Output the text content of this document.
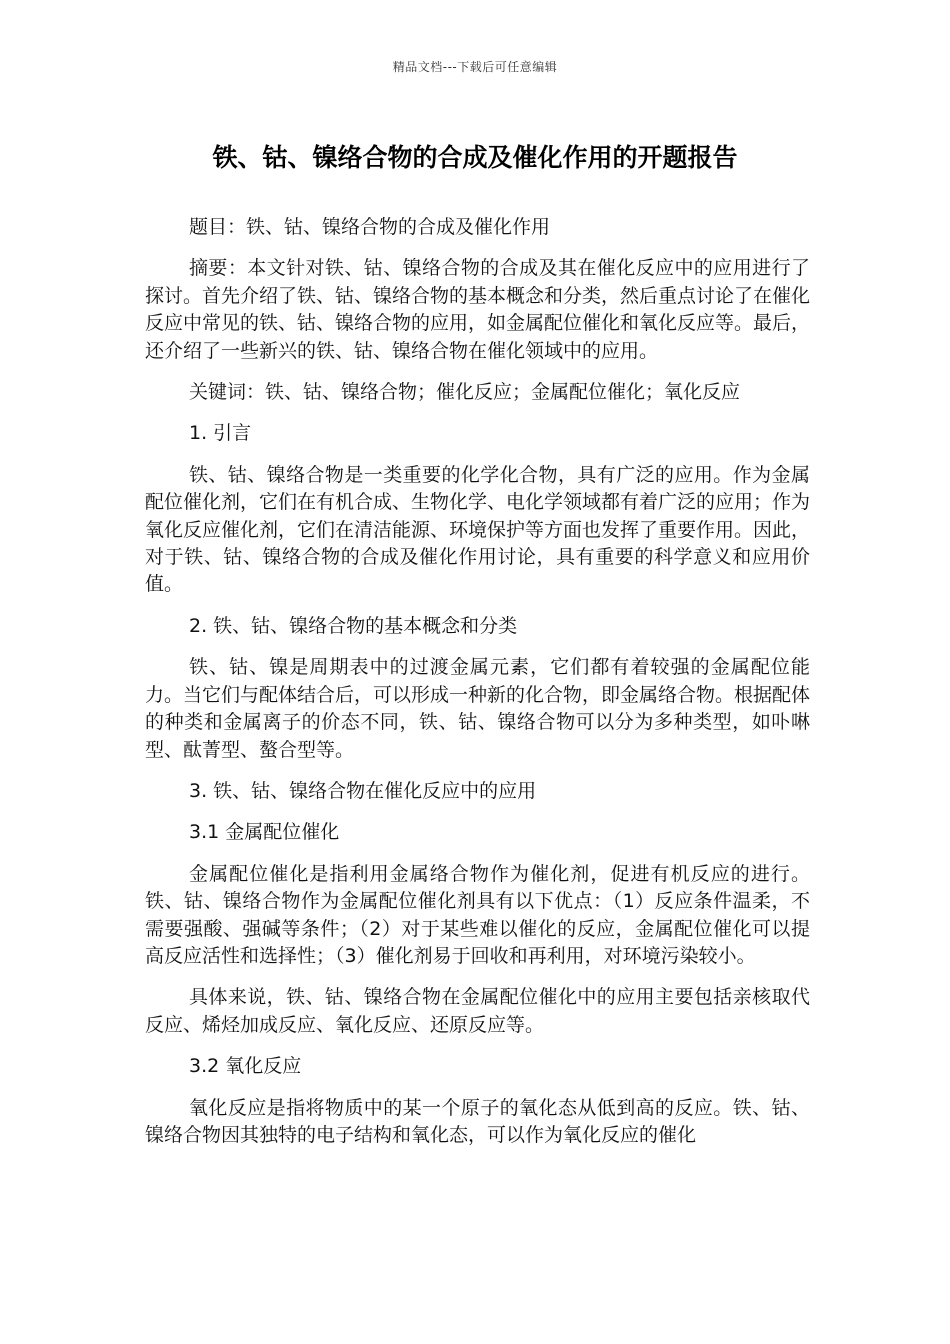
精品文档---下载后可任意编辑
铁、钴、镍络合物的合成及催化作用的开题报告

题目：铁、钴、镍络合物的合成及催化作用

摘要：本文针对铁、钴、镍络合物的合成及其在催化反应中的应用进行了探讨。首先介绍了铁、钴、镍络合物的基本概念和分类，然后重点讨论了在催化反应中常见的铁、钴、镍络合物的应用，如金属配位催化和氧化反应等。最后，还介绍了一些新兴的铁、钴、镍络合物在催化领域中的应用。

关键词：铁、钴、镍络合物；催化反应；金属配位催化；氧化反应

1. 引言

铁、钴、镍络合物是一类重要的化学化合物，具有广泛的应用。作为金属配位催化剂，它们在有机合成、生物化学、电化学领域都有着广泛的应用；作为氧化反应催化剂，它们在清洁能源、环境保护等方面也发挥了重要作用。因此，对于铁、钴、镍络合物的合成及催化作用讨论，具有重要的科学意义和应用价值。

2. 铁、钴、镍络合物的基本概念和分类

铁、钴、镍是周期表中的过渡金属元素，它们都有着较强的金属配位能力。当它们与配体结合后，可以形成一种新的化合物，即金属络合物。根据配体的种类和金属离子的价态不同，铁、钴、镍络合物可以分为多种类型，如卟啉型、酞菁型、螯合型等。

3. 铁、钴、镍络合物在催化反应中的应用

3.1 金属配位催化

金属配位催化是指利用金属络合物作为催化剂，促进有机反应的进行。铁、钴、镍络合物作为金属配位催化剂具有以下优点：（1）反应条件温柔，不需要强酸、强碱等条件；（2）对于某些难以催化的反应，金属配位催化可以提高反应活性和选择性；（3）催化剂易于回收和再利用，对环境污染较小。

具体来说，铁、钴、镍络合物在金属配位催化中的应用主要包括亲核取代反应、烯烃加成反应、氧化反应、还原反应等。

3.2 氧化反应

氧化反应是指将物质中的某一个原子的氧化态从低到高的反应。铁、钴、镍络合物因其独特的电子结构和氧化态，可以作为氧化反应的催化
